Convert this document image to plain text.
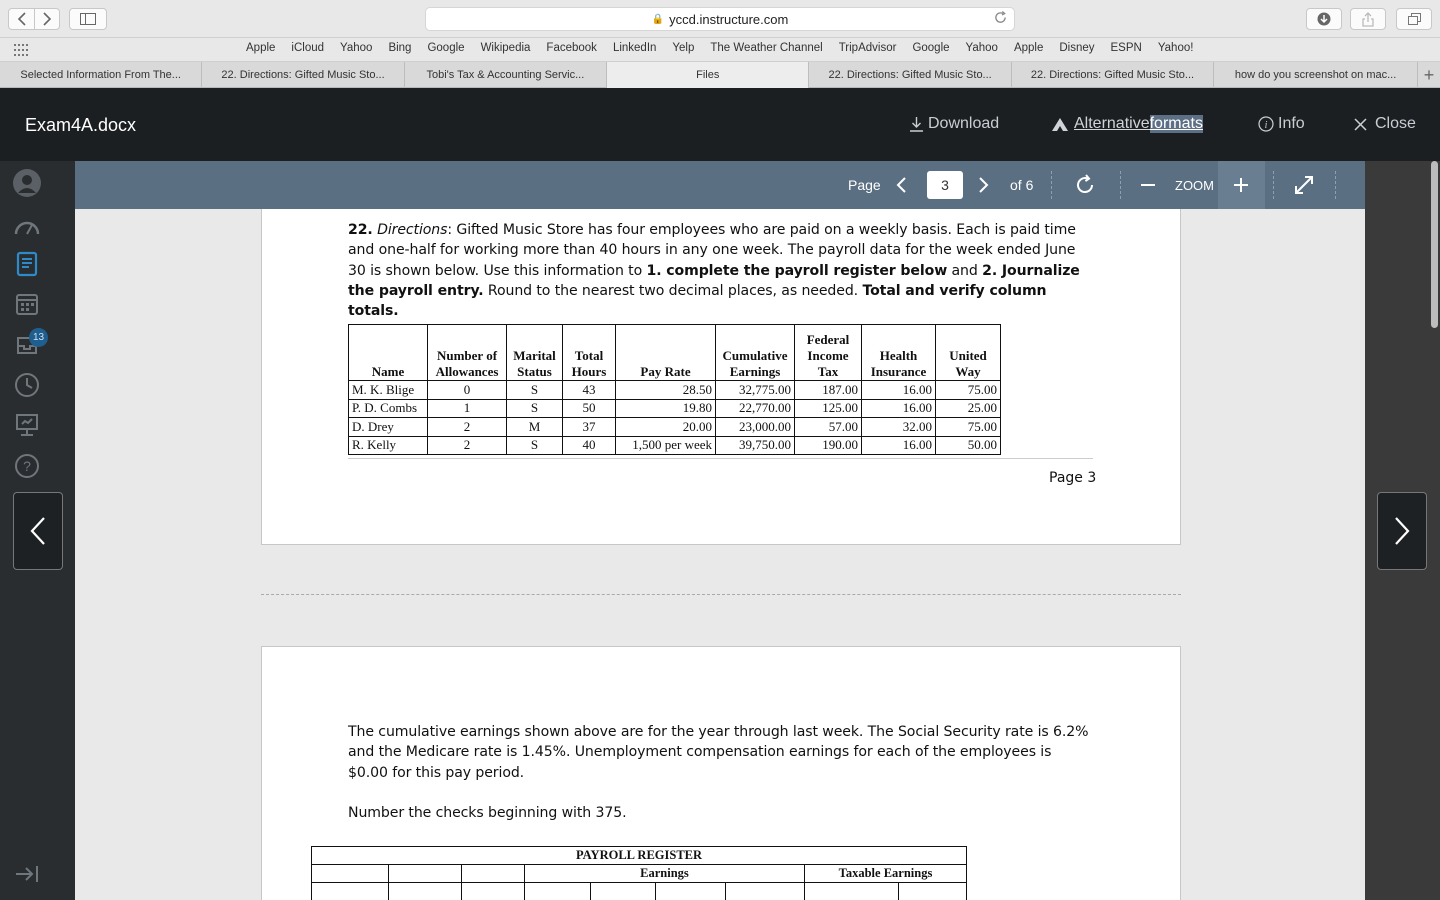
🔒 yccd.instructure.com
Apple iCloud Yahoo Bing Google Wikipedia Facebook LinkedIn Yelp The Weather Channel TripAdvisor Google Yahoo Apple Disney ESPN Yahoo!
Selected Information From The...	22. Directions: Gifted Music Sto...	Tobi's Tax & Accounting Servic...	Files	22. Directions: Gifted Music Sto...	22. Directions: Gifted Music Sto...	how do you screenshot on mac...	+
Exam4A.docx	Download	Alternative formats	i Info	Close
13
?
Page	3	of 6	ZOOM

22. Directions: Gifted Music Store has four employees who are paid on a weekly basis. Each is paid time and one-half for working more than 40 hours in any one week. The payroll data for the week ended June 30 is shown below. Use this information to 1. complete the payroll register below and 2. Journalize the payroll entry. Round to the nearest two decimal places, as needed. Total and verify column totals.

Name	Number of Allowances	Marital Status	Total Hours	Pay Rate	Cumulative Earnings	Federal Income Tax	Health Insurance	United Way
M. K. Blige	0	S	43	28.50	32,775.00	187.00	16.00	75.00
P. D. Combs	1	S	50	19.80	22,770.00	125.00	16.00	25.00
D. Drey	2	M	37	20.00	23,000.00	57.00	32.00	75.00
R. Kelly	2	S	40	1,500 per week	39,750.00	190.00	16.00	50.00
Page 3

The cumulative earnings shown above are for the year through last week. The Social Security rate is 6.2% and the Medicare rate is 1.45%. Unemployment compensation earnings for each of the employees is $0.00 for this pay period.

Number the checks beginning with 375.

PAYROLL REGISTER								
			Earnings				Taxable Earnings	
